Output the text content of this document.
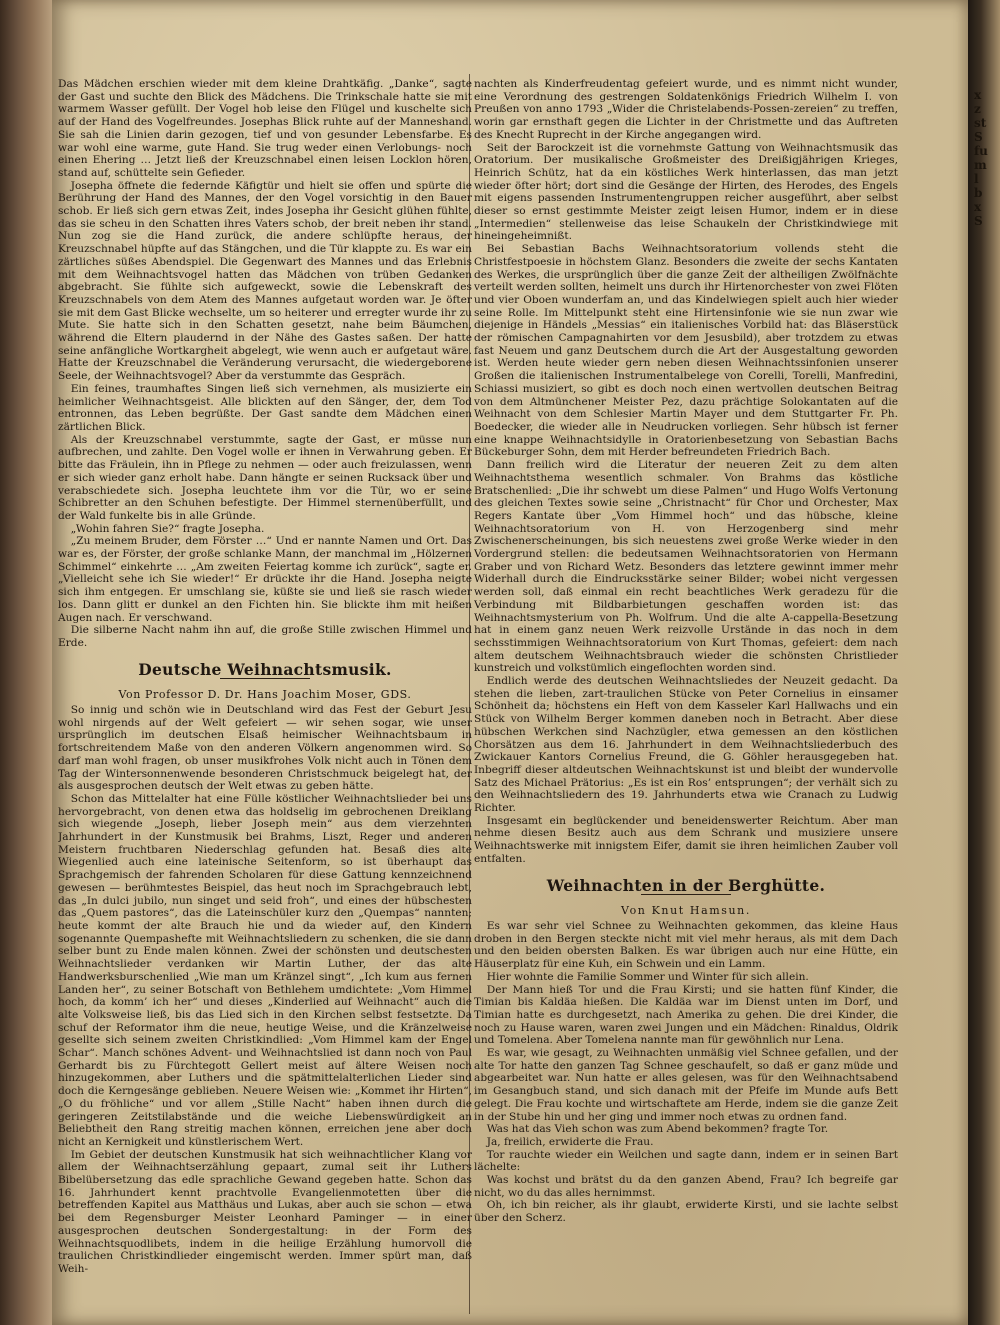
x
z
st
S
fu
m
l
b
x
S

Das Mädchen erschien wieder mit dem kleine Drahtkäfig. „Danke“, sagte der Gast und suchte den Blick des Mädchens. Die Trinkschale hatte sie mit warmem Wasser gefüllt. Der Vogel hob leise den Flügel und kuschelte sich auf der Hand des Vogelfreundes. Josephas Blick ruhte auf der Manneshand. Sie sah die Linien darin gezogen, tief und von gesunder Lebensfarbe. Es war wohl eine warme, gute Hand. Sie trug weder einen Verlobungs- noch einen Ehering … Jetzt ließ der Kreuzschnabel einen leisen Locklon hören, stand auf, schüttelte sein Gefieder.

Josepha öffnete die federnde Käfigtür und hielt sie offen und spürte die Berührung der Hand des Mannes, der den Vogel vorsichtig in den Bauer schob. Er ließ sich gern etwas Zeit, indes Josepha ihr Gesicht glühen fühlte, das sie scheu in den Schatten ihres Vaters schob, der breit neben ihr stand. Nun zog sie die Hand zurück, die andere schlüpfte heraus, der Kreuzschnabel hüpfte auf das Stängchen, und die Tür klappte zu. Es war ein zärtliches süßes Abendspiel. Die Gegenwart des Mannes und das Erlebnis mit dem Weihnachtsvogel hatten das Mädchen von trüben Gedanken abgebracht. Sie fühlte sich aufgeweckt, sowie die Lebenskraft des Kreuzschnabels von dem Atem des Mannes aufgetaut worden war. Je öfter sie mit dem Gast Blicke wechselte, um so heiterer und erregter wurde ihr zu Mute. Sie hatte sich in den Schatten gesetzt, nahe beim Bäumchen, während die Eltern plaudernd in der Nähe des Gastes saßen. Der hatte seine anfängliche Wortkargheit abgelegt, wie wenn auch er aufgetaut wäre. Hatte der Kreuzschnabel die Veränderung verursacht, die wiedergeborene Seele, der Weihnachtsvogel? Aber da verstummte das Gespräch.

Ein feines, traumhaftes Singen ließ sich vernehmen, als musizierte ein heimlicher Weihnachtsgeist. Alle blickten auf den Sänger, der, dem Tod entronnen, das Leben begrüßte. Der Gast sandte dem Mädchen einen zärtlichen Blick.

Als der Kreuzschnabel verstummte, sagte der Gast, er müsse nun aufbrechen, und zahlte. Den Vogel wolle er ihnen in Verwahrung geben. Er bitte das Fräulein, ihn in Pflege zu nehmen — oder auch freizulassen, wenn er sich wieder ganz erholt habe. Dann hängte er seinen Rucksack über und verabschiedete sich. Josepha leuchtete ihm vor die Tür, wo er seine Schibretter an den Schuhen befestigte. Der Himmel sternenüberfüllt, und der Wald funkelte bis in alle Gründe.

„Wohin fahren Sie?“ fragte Josepha.

„Zu meinem Bruder, dem Förster …“ Und er nannte Namen und Ort. Das war es, der Förster, der große schlanke Mann, der manchmal im „Hölzernen Schimmel“ einkehrte … „Am zweiten Feiertag komme ich zurück“, sagte er. „Vielleicht sehe ich Sie wieder!“ Er drückte ihr die Hand. Josepha neigte sich ihm entgegen. Er umschlang sie, küßte sie und ließ sie rasch wieder los. Dann glitt er dunkel an den Fichten hin. Sie blickte ihm mit heißen Augen nach. Er verschwand.

Die silberne Nacht nahm ihn auf, die große Stille zwischen Himmel und Erde.

Deutsche Weihnachtsmusik.
Von Professor D. Dr. Hans Joachim Moser, GDS.

So innig und schön wie in Deutschland wird das Fest der Geburt Jesu wohl nirgends auf der Welt gefeiert — wir sehen sogar, wie unser ursprünglich im deutschen Elsaß heimischer Weihnachtsbaum in fortschreitendem Maße von den anderen Völkern angenommen wird. So darf man wohl fragen, ob unser musikfrohes Volk nicht auch in Tönen dem Tag der Wintersonnenwende besonderen Christschmuck beigelegt hat, der als ausgesprochen deutsch der Welt etwas zu geben hätte.

Schon das Mittelalter hat eine Fülle köstlicher Weihnachtslieder bei uns hervorgebracht, von denen etwa das holdselig im gebrochenen Dreiklang sich wiegende „Joseph, lieber Joseph mein“ aus dem vierzehnten Jahrhundert in der Kunstmusik bei Brahms, Liszt, Reger und anderen Meistern fruchtbaren Niederschlag gefunden hat. Besaß dies alte Wiegenlied auch eine lateinische Seitenform, so ist überhaupt das Sprachgemisch der fahrenden Scholaren für diese Gattung kennzeichnend gewesen — berühmtestes Beispiel, das heut noch im Sprachgebrauch lebt, das „In dulci jubilo, nun singet und seid froh“, und eines der hübschesten das „Quem pastores“, das die Lateinschüler kurz den „Quempas“ nannten; heute kommt der alte Brauch hie und da wieder auf, den Kindern sogenannte Quempashefte mit Weihnachtsliedern zu schenken, die sie dann selber bunt zu Ende malen können. Zwei der schönsten und deutschesten Weihnachtslieder verdanken wir Martin Luther, der das alte Handwerksburschenlied „Wie man um Kränzel singt“, „Ich kum aus fernen Landen her“, zu seiner Botschaft von Bethlehem umdichtete: „Vom Himmel hoch, da komm’ ich her“ und dieses „Kinderlied auf Weihnacht“ auch die alte Volksweise ließ, bis das Lied sich in den Kirchen selbst festsetzte. Da schuf der Reformator ihm die neue, heutige Weise, und die Kränzelweise gesellte sich seinem zweiten Christkindlied: „Vom Himmel kam der Engel Schar“. Manch schönes Advent- und Weihnachtslied ist dann noch von Paul Gerhardt bis zu Fürchtegott Gellert meist auf ältere Weisen noch hinzugekommen, aber Luthers und die spätmittelalterlichen Lieder sind doch die Kerngesänge geblieben. Neuere Weisen wie: „Kommet ihr Hirten“, „O du fröhliche“ und vor allem „Stille Nacht“ haben ihnen durch die geringeren Zeitstilabstände und die weiche Liebenswürdigkeit an Beliebtheit den Rang streitig machen können, erreichen jene aber doch nicht an Kernigkeit und künstlerischem Wert.

Im Gebiet der deutschen Kunstmusik hat sich weihnachtlicher Klang vor allem der Weihnachtserzählung gepaart, zumal seit ihr Luthers Bibelübersetzung das edle sprachliche Gewand gegeben hatte. Schon das 16. Jahrhundert kennt prachtvolle Evangelienmotetten über die betreffenden Kapitel aus Matthäus und Lukas, aber auch sie schon — etwa bei dem Regensburger Meister Leonhard Paminger — in einer ausgesprochen deutschen Sondergestaltung: in der Form des Weihnachtsquodlibets, indem in die heilige Erzählung humorvoll die traulichen Christkindlieder eingemischt werden. Immer spürt man, daß Weih-

nachten als Kinderfreudentag gefeiert wurde, und es nimmt nicht wunder, eine Verordnung des gestrengen Soldatenkönigs Friedrich Wilhelm I. von Preußen von anno 1793 „Wider die Christelabends-Possen-zereien“ zu treffen, worin gar ernsthaft gegen die Lichter in der Christmette und das Auftreten des Knecht Ruprecht in der Kirche angegangen wird.

Seit der Barockzeit ist die vornehmste Gattung von Weihnachtsmusik das Oratorium. Der musikalische Großmeister des Dreißigjährigen Krieges, Heinrich Schütz, hat da ein köstliches Werk hinterlassen, das man jetzt wieder öfter hört; dort sind die Gesänge der Hirten, des Herodes, des Engels mit eigens passenden Instrumentengruppen reicher ausgeführt, aber selbst dieser so ernst gestimmte Meister zeigt leisen Humor, indem er in diese „Intermedien“ stellenweise das leise Schaukeln der Christkindwiege mit hineingeheimnißt.

Bei Sebastian Bachs Weihnachtsoratorium vollends steht die Christfestpoesie in höchstem Glanz. Besonders die zweite der sechs Kantaten des Werkes, die ursprünglich über die ganze Zeit der altheiligen Zwölfnächte verteilt werden sollten, heimelt uns durch ihr Hirtenorchester von zwei Flöten und vier Oboen wunderfam an, und das Kindelwiegen spielt auch hier wieder seine Rolle. Im Mittelpunkt steht eine Hirtensinfonie wie sie nun zwar wie diejenige in Händels „Messias“ ein italienisches Vorbild hat: das Bläserstück der römischen Campagnahirten vor dem Jesusbild), aber trotzdem zu etwas fast Neuem und ganz Deutschem durch die Art der Ausgestaltung geworden ist. Werden heute wieder gern neben diesen Weihnachtssinfonien unserer Großen die italienischen Instrumentalbelege von Corelli, Torelli, Manfredini, Schiassi musiziert, so gibt es doch noch einen wertvollen deutschen Beitrag von dem Altmünchener Meister Pez, dazu prächtige Solokantaten auf die Weihnacht von dem Schlesier Martin Mayer und dem Stuttgarter Fr. Ph. Boedecker, die wieder alle in Neudrucken vorliegen. Sehr hübsch ist ferner eine knappe Weihnachtsidylle in Oratorienbesetzung von Sebastian Bachs Bückeburger Sohn, dem mit Herder befreundeten Friedrich Bach.

Dann freilich wird die Literatur der neueren Zeit zu dem alten Weihnachtsthema wesentlich schmaler. Von Brahms das köstliche Bratschenlied: „Die ihr schwebt um diese Palmen“ und Hugo Wolfs Vertonung des gleichen Textes sowie seine „Christnacht“ für Chor und Orchester, Max Regers Kantate über „Vom Himmel hoch“ und das hübsche, kleine Weihnachtsoratorium von H. von Herzogenberg sind mehr Zwischenerscheinungen, bis sich neuestens zwei große Werke wieder in den Vordergrund stellen: die bedeutsamen Weihnachtsoratorien von Hermann Graber und von Richard Wetz. Besonders das letztere gewinnt immer mehr Widerhall durch die Eindrucksstärke seiner Bilder; wobei nicht vergessen werden soll, daß einmal ein recht beachtliches Werk geradezu für die Verbindung mit Bildbarbietungen geschaffen worden ist: das Weihnachtsmysterium von Ph. Wolfrum. Und die alte A-cappella-Besetzung hat in einem ganz neuen Werk reizvolle Urstände in das noch in dem sechsstimmigen Weihnachtsoratorium von Kurt Thomas, gefeiert: dem nach altem deutschem Weihnachtsbrauch wieder die schönsten Christlieder kunstreich und volkstümlich eingeflochten worden sind.

Endlich werde des deutschen Weihnachtsliedes der Neuzeit gedacht. Da stehen die lieben, zart-traulichen Stücke von Peter Cornelius in einsamer Schönheit da; höchstens ein Heft von dem Kasseler Karl Hallwachs und ein Stück von Wilhelm Berger kommen daneben noch in Betracht. Aber diese hübschen Werkchen sind Nachzügler, etwa gemessen an den köstlichen Chorsätzen aus dem 16. Jahrhundert in dem Weihnachtsliederbuch des Zwickauer Kantors Cornelius Freund, die G. Göhler herausgegeben hat. Inbegriff dieser altdeutschen Weihnachtskunst ist und bleibt der wundervolle Satz des Michael Prätorius: „Es ist ein Ros’ entsprungen“; der verhält sich zu den Weihnachtsliedern des 19. Jahrhunderts etwa wie Cranach zu Ludwig Richter.

Insgesamt ein beglückender und beneidenswerter Reichtum. Aber man nehme diesen Besitz auch aus dem Schrank und musiziere unsere Weihnachtswerke mit innigstem Eifer, damit sie ihren heimlichen Zauber voll entfalten.

Weihnachten in der Berghütte.
Von Knut Hamsun.

Es war sehr viel Schnee zu Weihnachten gekommen, das kleine Haus droben in den Bergen steckte nicht mit viel mehr heraus, als mit dem Dach und den beiden obersten Balken. Es war übrigen auch nur eine Hütte, ein Häuserplatz für eine Kuh, ein Schwein und ein Lamm.

Hier wohnte die Familie Sommer und Winter für sich allein.

Der Mann hieß Tor und die Frau Kirsti; und sie hatten fünf Kinder, die Timian bis Kaldäa hießen. Die Kaldäa war im Dienst unten im Dorf, und Timian hatte es durchgesetzt, nach Amerika zu gehen. Die drei Kinder, die noch zu Hause waren, waren zwei Jungen und ein Mädchen: Rinaldus, Oldrik und Tomelena. Aber Tomelena nannte man für gewöhnlich nur Lena.

Es war, wie gesagt, zu Weihnachten unmäßig viel Schnee gefallen, und der alte Tor hatte den ganzen Tag Schnee geschaufelt, so daß er ganz müde und abgearbeitet war. Nun hatte er alles gelesen, was für den Weihnachtsabend im Gesangbuch stand, und sich danach mit der Pfeife im Munde aufs Bett gelegt. Die Frau kochte und wirtschaftete am Herde, indem sie die ganze Zeit in der Stube hin und her ging und immer noch etwas zu ordnen fand.

Was hat das Vieh schon was zum Abend bekommen? fragte Tor.

Ja, freilich, erwiderte die Frau.

Tor rauchte wieder ein Weilchen und sagte dann, indem er in seinen Bart lächelte:

Was kochst und brätst du da den ganzen Abend, Frau? Ich begreife gar nicht, wo du das alles hernimmst.

Oh, ich bin reicher, als ihr glaubt, erwiderte Kirsti, und sie lachte selbst über den Scherz.
